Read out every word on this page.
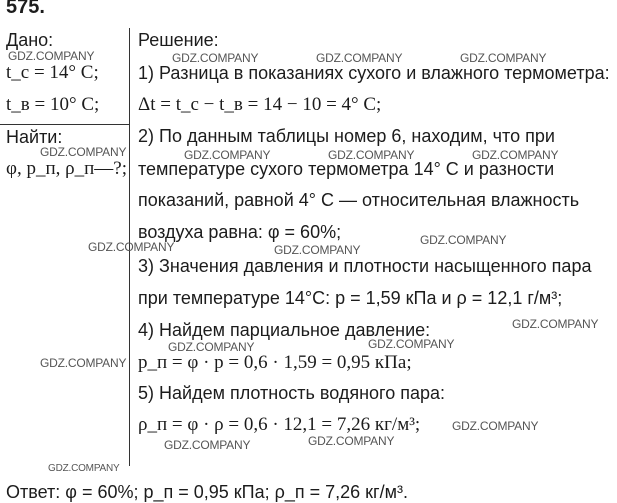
575.
Дано:
t_c = 14° C;
t_в = 10° C;
Найти:
φ, p_п, ρ_п—?;
Решение:
1) Разница в показаниях сухого и влажного термометра:
Δt = t_c − t_в = 14 − 10 = 4° C;
2) По данным таблицы номер 6, находим, что при
температуре сухого термометра 14° C и разности
показаний, равной 4° C — относительная влажность
воздуха равна: φ = 60%;
3) Значения давления и плотности насыщенного пара
при температуре 14°C: p = 1,59 кПа и ρ = 12,1 г/м³;
4) Найдем парциальное давление:
p_п = φ · p = 0,6 · 1,59 = 0,95 кПа;
5) Найдем плотность водяного пара:
ρ_п = φ · ρ = 0,6 · 12,1 = 7,26 кг/м³;
Ответ: φ = 60%; p_п = 0,95 кПа; ρ_п = 7,26 кг/м³.
GDZ.COMPANY	GDZ.COMPANY	GDZ.COMPANY	GDZ.COMPANY
GDZ.COMPANY	GDZ.COMPANY	GDZ.COMPANY	GDZ.COMPANY
GDZ.COMPANY	GDZ.COMPANY
GDZ.COMPANY
GDZ.COMPANY
GDZ.COMPANY	GDZ.COMPANY
GDZ.COMPANY
GDZ.COMPANY	GDZ.COMPANY
GDZ.COMPANY
GDZ.COMPANY
